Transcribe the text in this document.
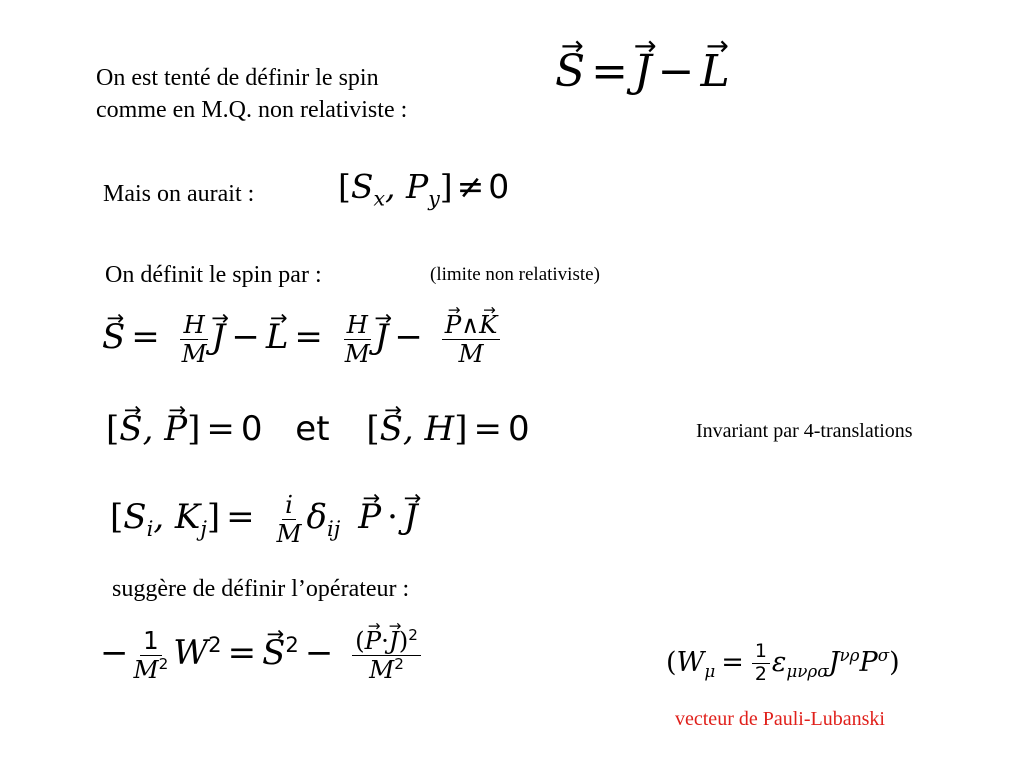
On est tenté de définir le spin
comme en M.Q. non relativiste :
→ S =→ J −→ L
Mais on aurait :	[$S_x$, $P_y] \ne 0$
On définit le spin par :	(limite non relativiste)
→ $S = \frac{H}{M}$
→ $J -\to L = \frac{H}{M}$
→ J −
→ $\frac{P\wedge\to K}{M}$
[→ S, → P] = 0 et [→ S, H] = 0	Invariant par 4-translations
[$S_i$, $K_j] = \frac{i}{M} \delta_{ij}\to P \cdot\to J$
suggère de définir l’opérateur :
− $\frac{1}{M^2} W^2 =\to S^2 - \frac{(\to P\cdot\to J)^2}{M^2}$	$(W_\mu = \frac{1}{2} \varepsilon_{\mu\nu\rho\sigma}J^{\nu\rho}P^\sigma)$
vecteur de Pauli-Lubanski
